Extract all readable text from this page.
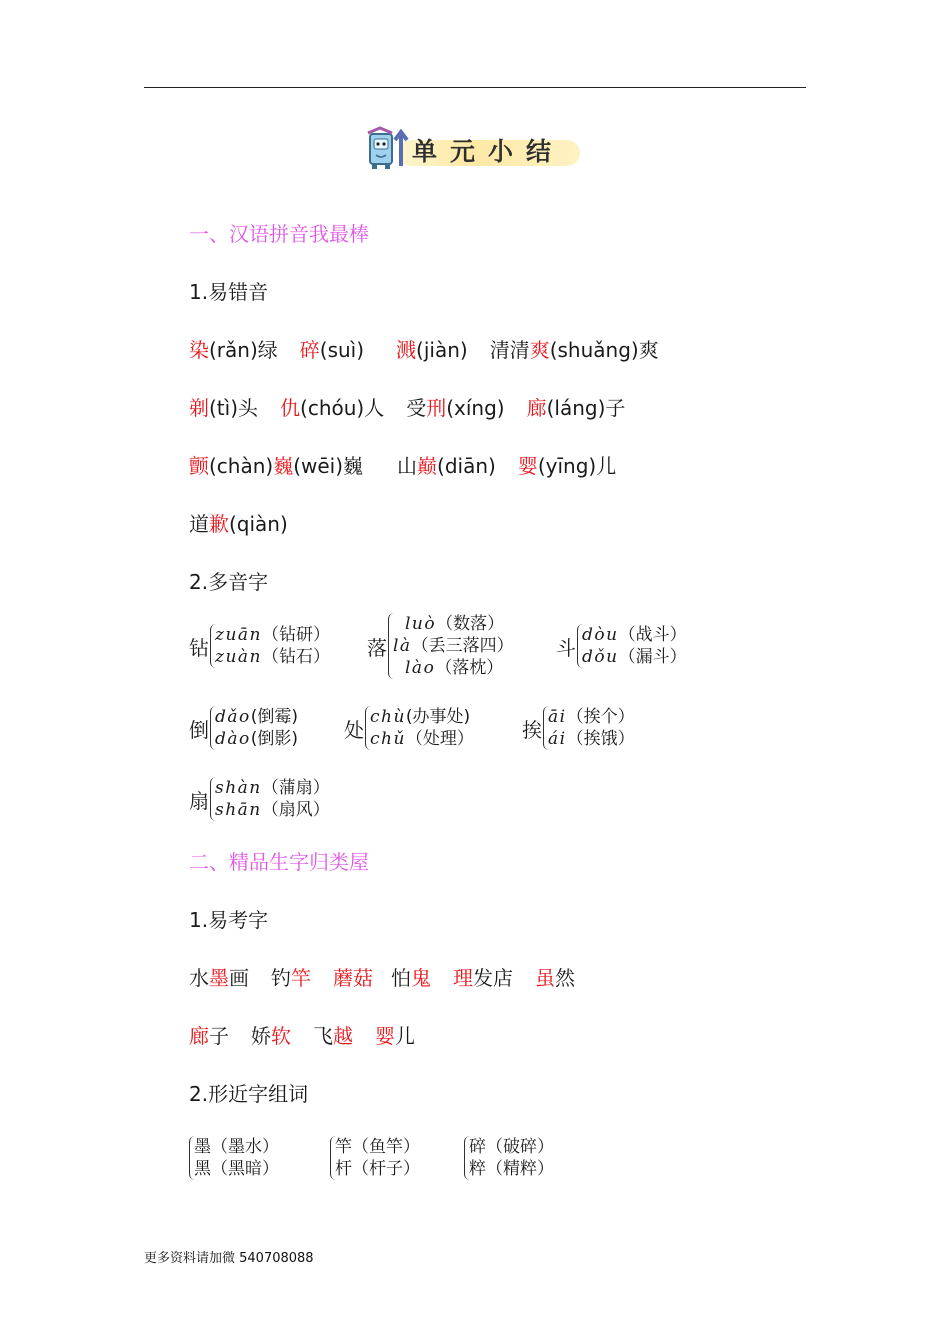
单元小结
一、汉语拼音我最棒
1.易错音
染(rǎn)绿 碎(suì) 溅(jiàn) 清清爽(shuǎng)爽
剃(tì)头 仇(chóu)人 受刑(xíng) 廊(láng)子
颤(chàn)巍(wēi)巍 山巅(diān) 婴(yīng)儿
道歉(qiàn)
2.多音字
钻
zuān（钻研）
zuàn（钻石） 落
luò（数落）
là（丢三落四）
lào（落枕）
斗
dòu（战斗）
dǒu（漏斗）
倒
dǎo(倒霉)
dào(倒影) 处
chù(办事处)
chǔ（处理） 挨
āi（挨个）
ái（挨饿）
扇
shàn（蒲扇）
shān（扇风）
二、精品生字归类屋
1.易考字
水墨画 钓竿 蘑菇 怕鬼 理发店 虽然
廊子 娇软 飞越 婴儿
2.形近字组词
墨（墨水）
黑（黑暗）
竿（鱼竿）
杆（杆子）
碎（破碎）
粹（精粹）
更多资料请加微 540708088
